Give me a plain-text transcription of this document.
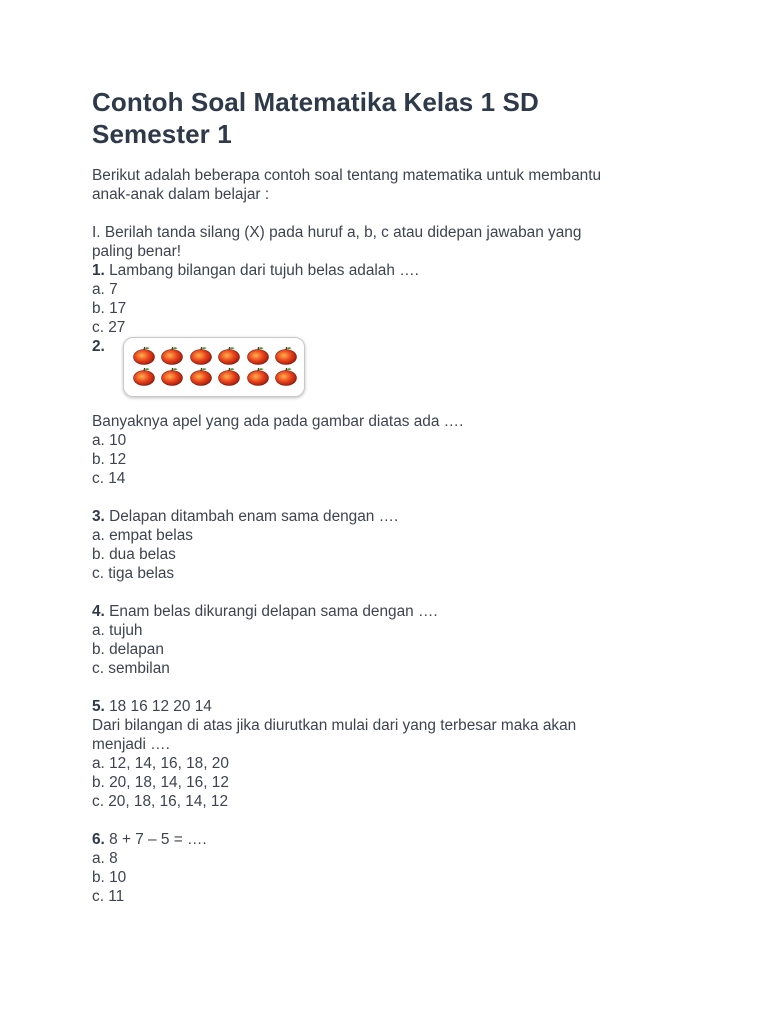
Contoh Soal Matematika Kelas 1 SD
Semester 1

Berikut adalah beberapa contoh soal tentang matematika untuk membantu
anak-anak dalam belajar :

I. Berilah tanda silang (X) pada huruf a, b, c atau didepan jawaban yang
paling benar!

1. Lambang bilangan dari tujuh belas adalah ….
a. 7
b. 17
c. 27
2.
Banyaknya apel yang ada pada gambar diatas ada ….
a. 10
b. 12
c. 14
3. Delapan ditambah enam sama dengan ….
a. empat belas
b. dua belas
c. tiga belas
4. Enam belas dikurangi delapan sama dengan ….
a. tujuh
b. delapan
c. sembilan
5. 18 16 12 20 14
Dari bilangan di atas jika diurutkan mulai dari yang terbesar maka akan
menjadi ….
a. 12, 14, 16, 18, 20
b. 20, 18, 14, 16, 12
c. 20, 18, 16, 14, 12
6. 8 + 7 – 5 = ….
a. 8
b. 10
c. 11
